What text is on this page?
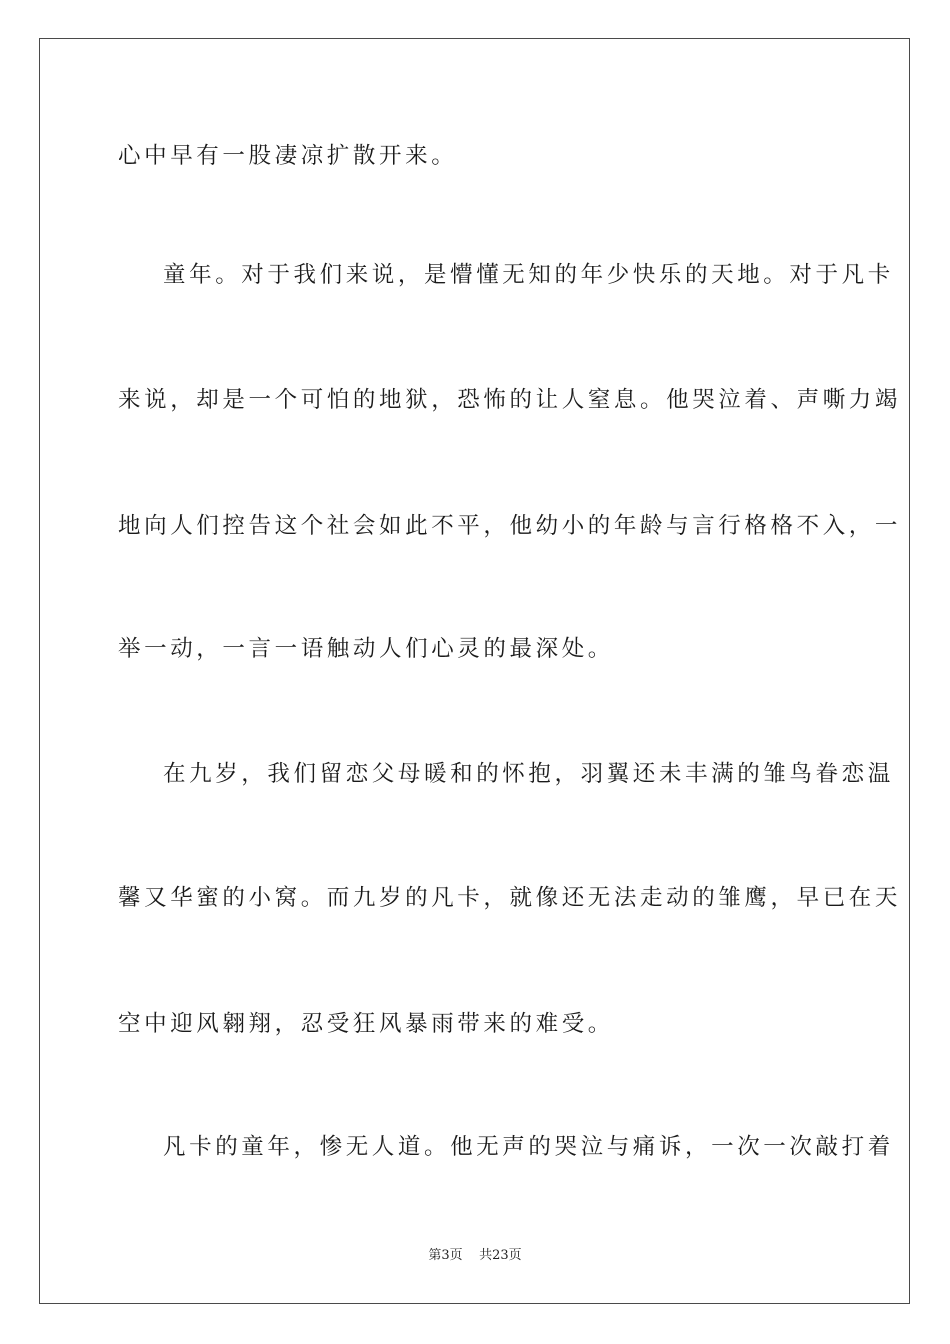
心中早有一股凄凉扩散开来。
童年。对于我们来说，是懵懂无知的年少快乐的天地。对于凡卡
来说，却是一个可怕的地狱，恐怖的让人窒息。他哭泣着、声嘶力竭
地向人们控告这个社会如此不平，他幼小的年龄与言行格格不入，一
举一动，一言一语触动人们心灵的最深处。
在九岁，我们留恋父母暖和的怀抱，羽翼还未丰满的雏鸟眷恋温
馨又华蜜的小窝。而九岁的凡卡，就像还无法走动的雏鹰，早已在天
空中迎风翱翔，忍受狂风暴雨带来的难受。
凡卡的童年，惨无人道。他无声的哭泣与痛诉，一次一次敲打着
第3页 共23页
